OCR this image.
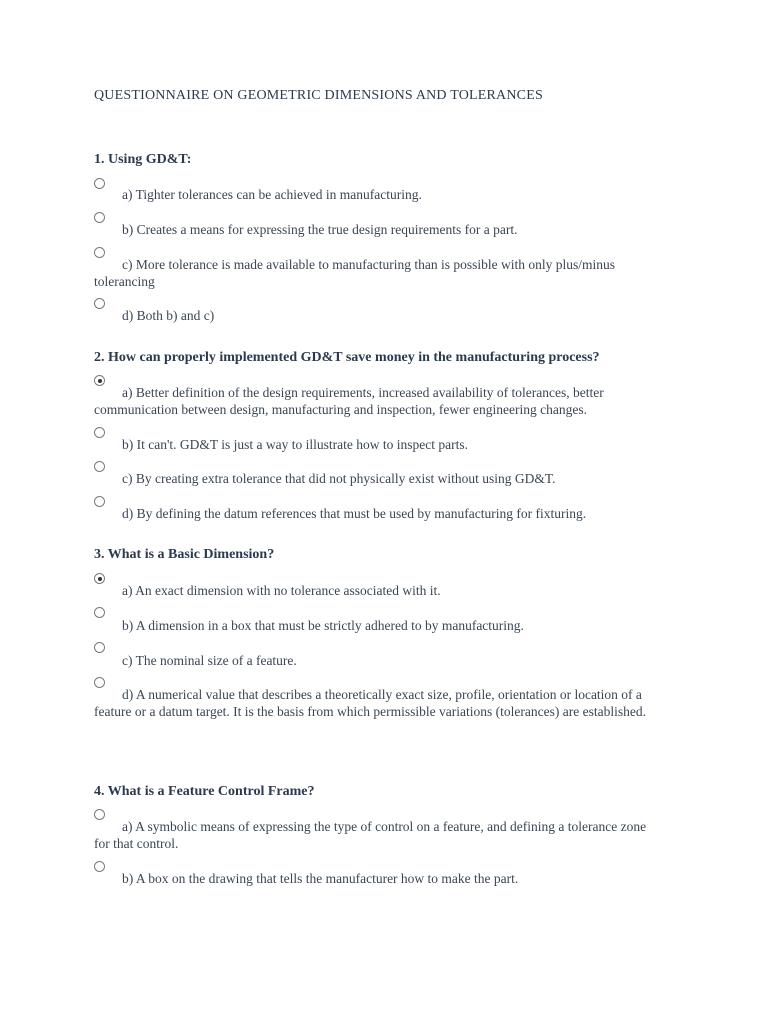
QUESTIONNAIRE ON GEOMETRIC DIMENSIONS AND TOLERANCES
1. Using GD&T:
a) Tighter tolerances can be achieved in manufacturing.
b) Creates a means for expressing the true design requirements for a part.
c) More tolerance is made available to manufacturing than is possible with only plus/minus tolerancing
d) Both b) and c)
2. How can properly implemented GD&T save money in the manufacturing process?
a) Better definition of the design requirements, increased availability of tolerances, better communication between design, manufacturing and inspection, fewer engineering changes.
b) It can't. GD&T is just a way to illustrate how to inspect parts.
c) By creating extra tolerance that did not physically exist without using GD&T.
d) By defining the datum references that must be used by manufacturing for fixturing.
3. What is a Basic Dimension?
a) An exact dimension with no tolerance associated with it.
b) A dimension in a box that must be strictly adhered to by manufacturing.
c) The nominal size of a feature.
d) A numerical value that describes a theoretically exact size, profile, orientation or location of a feature or a datum target. It is the basis from which permissible variations (tolerances) are established.
4. What is a Feature Control Frame?
a) A symbolic means of expressing the type of control on a feature, and defining a tolerance zone for that control.
b) A box on the drawing that tells the manufacturer how to make the part.
